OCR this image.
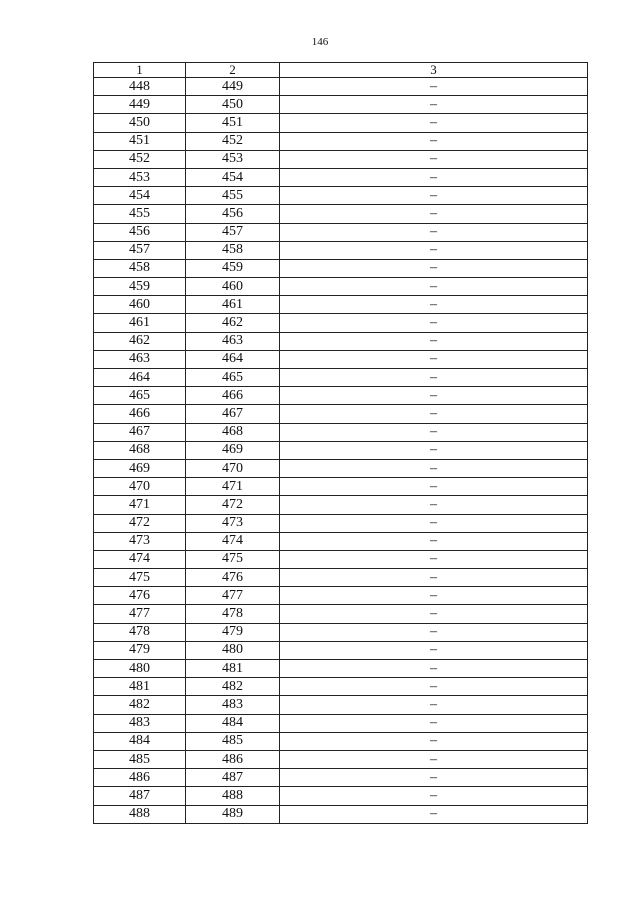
146
1	2	3
448	449	–
449	450	–
450	451	–
451	452	–
452	453	–
453	454	–
454	455	–
455	456	–
456	457	–
457	458	–
458	459	–
459	460	–
460	461	–
461	462	–
462	463	–
463	464	–
464	465	–
465	466	–
466	467	–
467	468	–
468	469	–
469	470	–
470	471	–
471	472	–
472	473	–
473	474	–
474	475	–
475	476	–
476	477	–
477	478	–
478	479	–
479	480	–
480	481	–
481	482	–
482	483	–
483	484	–
484	485	–
485	486	–
486	487	–
487	488	–
488	489	–
